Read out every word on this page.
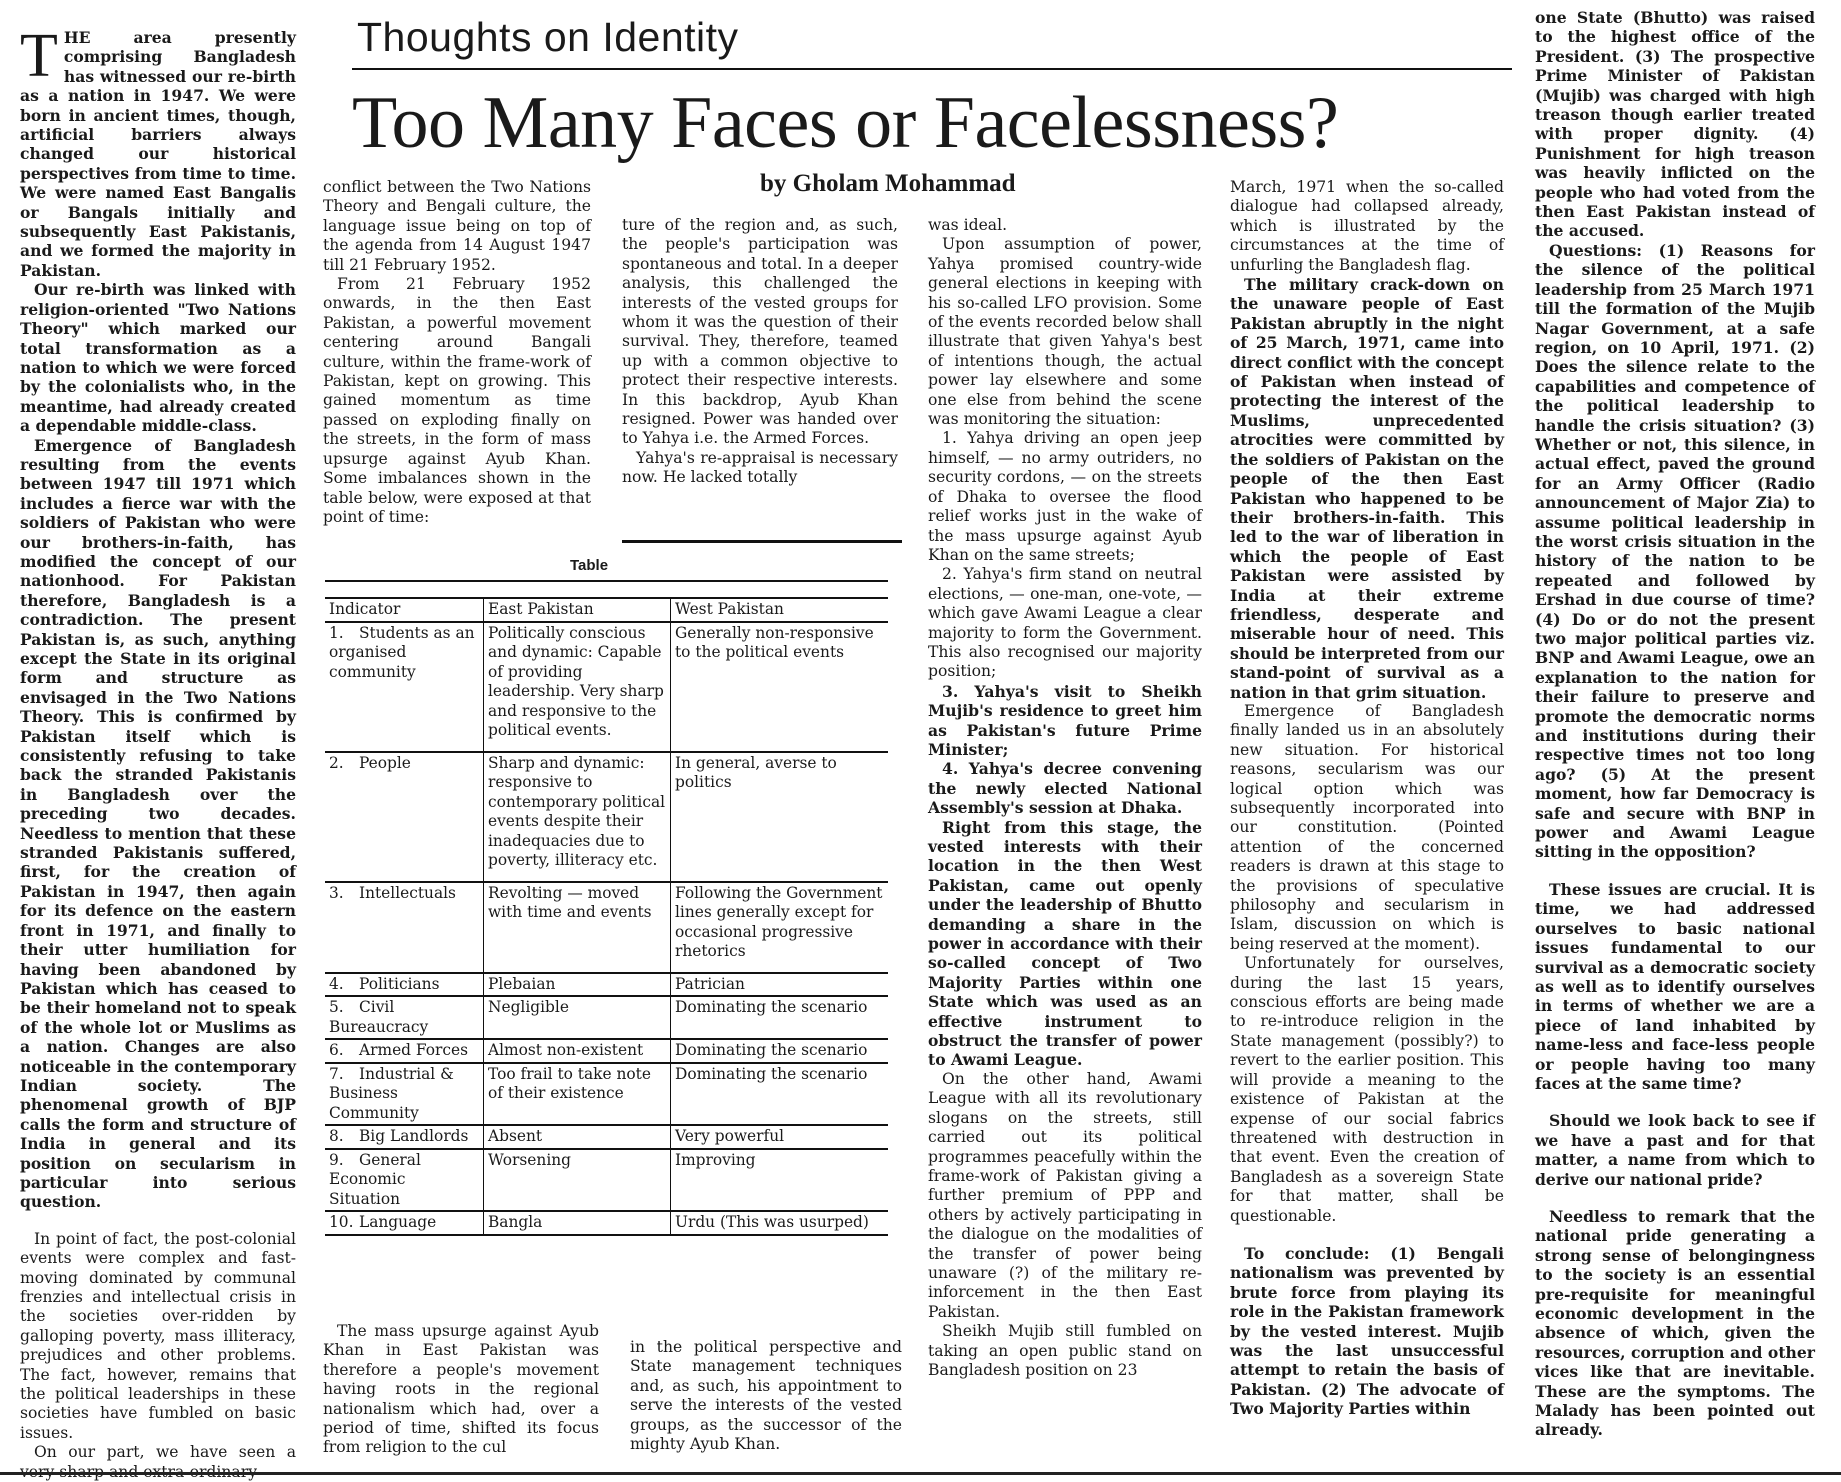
T HE area presently comprising Bangladesh has witnessed our re-birth as a nation in 1947. We were born in ancient times, though, artificial barriers always changed our historical perspectives from time to time. We were named East Bangalis or Bangals initially and subsequently East Pakistanis, and we formed the majority in Pakistan.

Our re-birth was linked with religion-oriented "Two Nations Theory" which marked our total transformation as a nation to which we were forced by the colonialists who, in the meantime, had already created a dependable middle-class.

Emergence of Bangladesh resulting from the events between 1947 till 1971 which includes a fierce war with the soldiers of Pakistan who were our brothers-in-faith, has modified the concept of our nationhood. For Pakistan therefore, Bangladesh is a contradiction. The present Pakistan is, as such, anything except the State in its original form and structure as envisaged in the Two Nations Theory. This is confirmed by Pakistan itself which is consistently refusing to take back the stranded Pakistanis in Bangladesh over the preceding two decades. Needless to mention that these stranded Pakistanis suffered, first, for the creation of Pakistan in 1947, then again for its defence on the eastern front in 1971, and finally to their utter humiliation for having been abandoned by Pakistan which has ceased to be their homeland not to speak of the whole lot or Muslims as a nation. Changes are also noticeable in the contemporary Indian society. The phenomenal growth of BJP calls the form and structure of India in general and its position on secularism in particular into serious question.

In point of fact, the post-colonial events were complex and fast-moving dominated by communal frenzies and intellectual crisis in the societies over-ridden by galloping poverty, mass illiteracy, prejudices and other problems. The fact, however, remains that the political leaderships in these societies have fumbled on basic issues.

On our part, we have seen a

Thoughts on Identity
Too Many Faces or Facelessness?
by Gholam Mohammad

conflict between the Two Nations Theory and Bengali culture, the language issue being on top of the agenda from 14 August 1947 till 21 February 1952.

From 21 February 1952 onwards, in the then East Pakistan, a powerful movement centering around Bangali culture, within the frame-work of Pakistan, kept on growing. This gained momentum as time passed on exploding finally on the streets, in the form of mass upsurge against Ayub Khan. Some imbalances shown in the table below, were exposed at that point of time:

ture of the region and, as such, the people's participation was spontaneous and total. In a deeper analysis, this challenged the interests of the vested groups for whom it was the question of their survival. They, therefore, teamed up with a common objective to protect their respective interests. In this backdrop, Ayub Khan resigned. Power was handed over to Yahya i.e. the Armed Forces.

Yahya's re-appraisal is necessary now. He lacked totally

Table
Indicator	East Pakistan	West Pakistan
1. Students as an organised community	Politically conscious and dynamic: Capable of providing leadership. Very sharp and responsive to the political events.	Generally non-responsive to the political events
2. People	Sharp and dynamic: responsive to contemporary political events despite their inadequacies due to poverty, illiteracy etc.	In general, averse to politics
3. Intellectuals	Revolting — moved with time and events	Following the Government lines generally except for occasional progressive rhetorics
4. Politicians	Plebaian	Patrician
5. Civil Bureaucracy	Negligible	Dominating the scenario
6. Armed Forces	Almost non-existent	Dominating the scenario
7. Industrial & Business Community	Too frail to take note of their existence	Dominating the scenario
8. Big Landlords	Absent	Very powerful
9. General Economic Situation	Worsening	Improving
10. Language	Bangla	Urdu (This was usurped)

The mass upsurge against Ayub Khan in East Pakistan was therefore a people's movement having roots in the regional nationalism which had, over a period of time, shifted its focus from religion to the cul

in the political perspective and State management techniques and, as such, his appointment to serve the interests of the vested groups, as the successor of the mighty Ayub Khan.

was ideal.

Upon assumption of power, Yahya promised country-wide general elections in keeping with his so-called LFO provision. Some of the events recorded below shall illustrate that given Yahya's best of intentions though, the actual power lay elsewhere and some one else from behind the scene was monitoring the situation:

1. Yahya driving an open jeep himself, — no army outriders, no security cordons, — on the streets of Dhaka to oversee the flood relief works just in the wake of the mass upsurge against Ayub Khan on the same streets;

2. Yahya's firm stand on neutral elections, — one-man, one-vote, — which gave Awami League a clear majority to form the Government. This also recognised our majority position;

3. Yahya's visit to Sheikh Mujib's residence to greet him as Pakistan's future Prime Minister;

4. Yahya's decree convening the newly elected National Assembly's session at Dhaka.

Right from this stage, the vested interests with their location in the then West Pakistan, came out openly under the leadership of Bhutto demanding a share in the power in accordance with their so-called concept of Two Majority Parties within one State which was used as an effective instrument to obstruct the transfer of power to Awami League.

On the other hand, Awami League with all its revolutionary slogans on the streets, still carried out its political programmes peacefully within the frame-work of Pakistan giving a further premium of PPP and others by actively participating in the dialogue on the modalities of the transfer of power being unaware (?) of the military re-inforcement in the then East Pakistan.

Sheikh Mujib still fumbled on taking an open public stand on Bangladesh position on 23

March, 1971 when the so-called dialogue had collapsed already, which is illustrated by the circumstances at the time of unfurling the Bangladesh flag.

The military crack-down on the unaware people of East Pakistan abruptly in the night of 25 March, 1971, came into direct conflict with the concept of Pakistan when instead of protecting the interest of the Muslims, unprecedented atrocities were committed by the soldiers of Pakistan on the people of the then East Pakistan who happened to be their brothers-in-faith. This led to the war of liberation in which the people of East Pakistan were assisted by India at their extreme friendless, desperate and miserable hour of need. This should be interpreted from our stand-point of survival as a nation in that grim situation.

Emergence of Bangladesh finally landed us in an absolutely new situation. For historical reasons, secularism was our logical option which was subsequently incorporated into our constitution. (Pointed attention of the concerned readers is drawn at this stage to the provisions of speculative philosophy and secularism in Islam, discussion on which is being reserved at the moment).

Unfortunately for ourselves, during the last 15 years, conscious efforts are being made to re-introduce religion in the State management (possibly?) to revert to the earlier position. This will provide a meaning to the existence of Pakistan at the expense of our social fabrics threatened with destruction in that event. Even the creation of Bangladesh as a sovereign State for that matter, shall be questionable.

To conclude: (1) Bengali nationalism was prevented by brute force from playing its role in the Pakistan framework by the vested interest. Mujib was the last unsuccessful attempt to retain the basis of Pakistan. (2) The advocate of Two Majority Parties within

one State (Bhutto) was raised to the highest office of the President. (3) The prospective Prime Minister of Pakistan (Mujib) was charged with high treason though earlier treated with proper dignity. (4) Punishment for high treason was heavily inflicted on the people who had voted from the then East Pakistan instead of the accused.

Questions: (1) Reasons for the silence of the political leadership from 25 March 1971 till the formation of the Mujib Nagar Government, at a safe region, on 10 April, 1971. (2) Does the silence relate to the capabilities and competence of the political leadership to handle the crisis situation? (3) Whether or not, this silence, in actual effect, paved the ground for an Army Officer (Radio announcement of Major Zia) to assume political leadership in the worst crisis situation in the history of the nation to be repeated and followed by Ershad in due course of time? (4) Do or do not the present two major political parties viz. BNP and Awami League, owe an explanation to the nation for their failure to preserve and promote the democratic norms and institutions during their respective times not too long ago? (5) At the present moment, how far Democracy is safe and secure with BNP in power and Awami League sitting in the opposition?

These issues are crucial. It is time, we had addressed ourselves to basic national issues fundamental to our survival as a democratic society as well as to identify ourselves in terms of whether we are a piece of land inhabited by name-less and face-less people or people having too many faces at the same time?

Should we look back to see if we have a past and for that matter, a name from which to derive our national pride?

Needless to remark that the national pride generating a strong sense of belongingness to the society is an essential pre-requisite for meaningful economic development in the absence of which, given the resources, corruption and other vices like that are inevitable. These are the symptoms. The Malady has been pointed out already.
